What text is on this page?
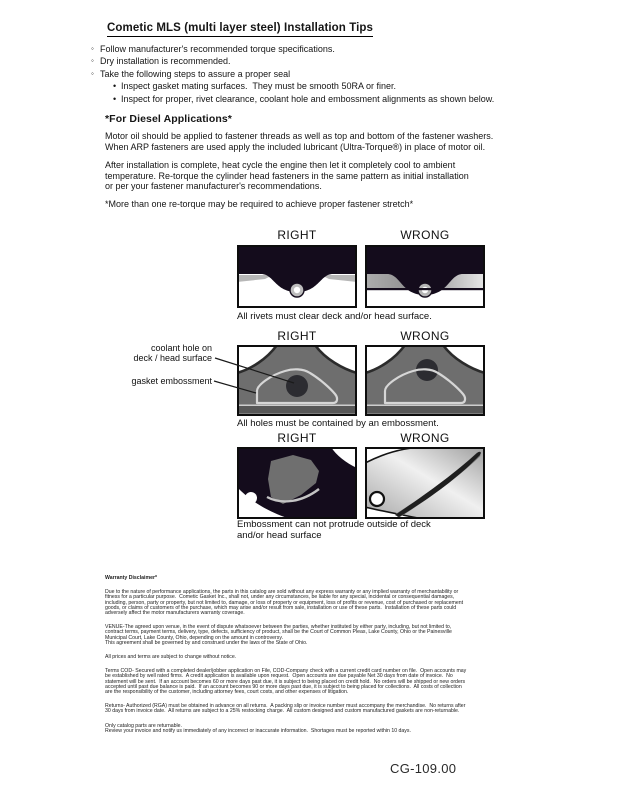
Cometic MLS (multi layer steel) Installation Tips
◦ Follow manufacturer's recommended torque specifications.
◦ Dry installation is recommended.
◦ Take the following steps to assure a proper seal
• Inspect gasket mating surfaces.  They must be smooth 50RA or finer.
• Inspect for proper, rivet clearance, coolant hole and embossment alignments as shown below.
*For Diesel Applications*
Motor oil should be applied to fastener threads as well as top and bottom of the fastener washers.
When ARP fasteners are used apply the included lubricant (Ultra-Torque®) in place of motor oil.
After installation is complete, heat cycle the engine then let it completely cool to ambient
temperature. Re-torque the cylinder head fasteners in the same pattern as initial installation
or per your fastener manufacturer's recommendations.
*More than one re-torque may be required to achieve proper fastener stretch*
RIGHT	WRONG
All rivets must clear deck and/or head surface.
RIGHT	WRONG
coolant hole on
deck / head surface
gasket embossment
All holes must be contained by an embossment.
RIGHT	WRONG
Embossment can not protrude outside of deck
and/or head surface
Warranty Disclaimer*
Due to the nature of performance applications, the parts in this catalog are sold without any express warranty or any implied warranty of merchantability or
fitness for a particular purpose.  Cometic Gasket Inc., shall not, under any circumstances, be liable for any special, incidental or consequential damages,
including, person, party or property, but not limited to, damage, or loss of property or equipment, loss of profits or revenue, cost of purchased or replacement
goods, or claims of customers of the purchase, which may arise and/or result from sale, installation or use of these parts.  Installation of these parts could
adversely affect the motor manufacturers warranty coverage.
VENUE-The agreed upon venue, in the event of dispute whatsoever between the parties, whether instituted by either party, including, but not limited to,
contract terms, payment terms, delivery, type, defects, sufficiency of product, shall be the Court of Common Pleas, Lake County, Ohio or the Painesville
Municipal Court, Lake County, Ohio, depending on the amount in controversy.
This agreement shall be governed by and construed under the laws of the State of Ohio.
All prices and terms are subject to change without notice.
Terms COD- Secured with a completed dealer/jobber application on File, COD-Company check with a current credit card number on file.  Open accounts may
be established by well rated firms.  A credit application is available upon request.  Open accounts are due payable Net 30 days from date of invoice.  No
statement will be sent.  If an account becomes 60 or more days past due, it is subject to being placed on credit hold.  No orders will be shipped or new orders
accepted until past due balance is paid.  If an account becomes 90 or more days past due, it is subject to being placed for collections.  All costs of collection
are the responsibility of the customer, including attorney fees, court costs, and other expenses of litigation.
Returns- Authorized (RGA) must be obtained in advance on all returns.  A packing slip or invoice number must accompany the merchandise.  No returns after
30 days from invoice date.  All returns are subject to a 25% restocking charge.  All custom designed and custom manufactured gaskets are non-returnable.
Only catalog parts are returnable.
Review your invoice and notify us immediately of any incorrect or inaccurate information.  Shortages must be reported within 10 days.
CG-109.00
